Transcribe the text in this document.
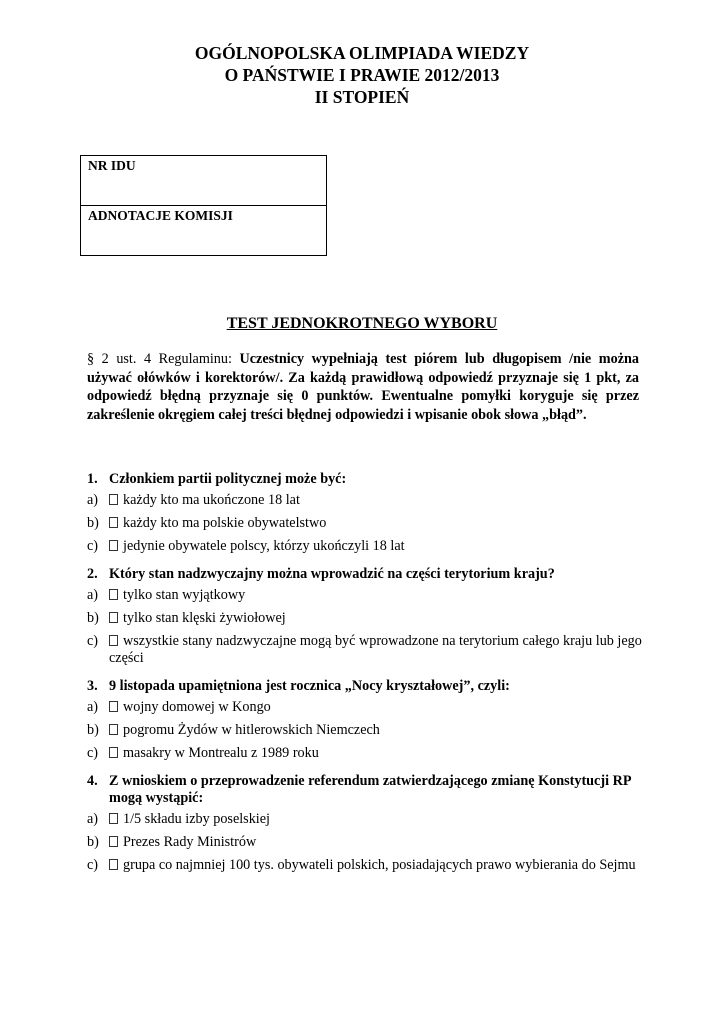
OGÓLNOPOLSKA OLIMPIADA WIEDZY
O PAŃSTWIE I PRAWIE 2012/2013
II STOPIEŃ
NR IDU
ADNOTACJE KOMISJI
TEST JEDNOKROTNEGO WYBORU
§ 2 ust. 4 Regulaminu: Uczestnicy wypełniają test piórem lub długopisem /nie można używać ołówków i korektorów/. Za każdą prawidłową odpowiedź przyznaje się 1 pkt, za odpowiedź błędną przyznaje się 0 punktów. Ewentualne pomyłki koryguje się przez zakreślenie okręgiem całej treści błędnej odpowiedzi i wpisanie obok słowa „błąd”.
1. Członkiem partii politycznej może być:
a)	każdy kto ma ukończone 18 lat
b)	każdy kto ma polskie obywatelstwo
c)	jedynie obywatele polscy, którzy ukończyli 18 lat
2. Który stan nadzwyczajny można wprowadzić na części terytorium kraju?
a)	tylko stan wyjątkowy
b)	tylko stan klęski żywiołowej
c)	wszystkie stany nadzwyczajne mogą być wprowadzone na terytorium całego kraju lub jego części
3. 9 listopada upamiętniona jest rocznica „Nocy kryształowej”, czyli:
a)	wojny domowej w Kongo
b)	pogromu Żydów w hitlerowskich Niemczech
c)	masakry w Montrealu z 1989 roku
4. Z wnioskiem o przeprowadzenie referendum zatwierdzającego zmianę Konstytucji RP mogą wystąpić:
a)	1/5 składu izby poselskiej
b)	Prezes Rady Ministrów
c)	grupa co najmniej 100 tys. obywateli polskich, posiadających prawo wybierania do Sejmu
